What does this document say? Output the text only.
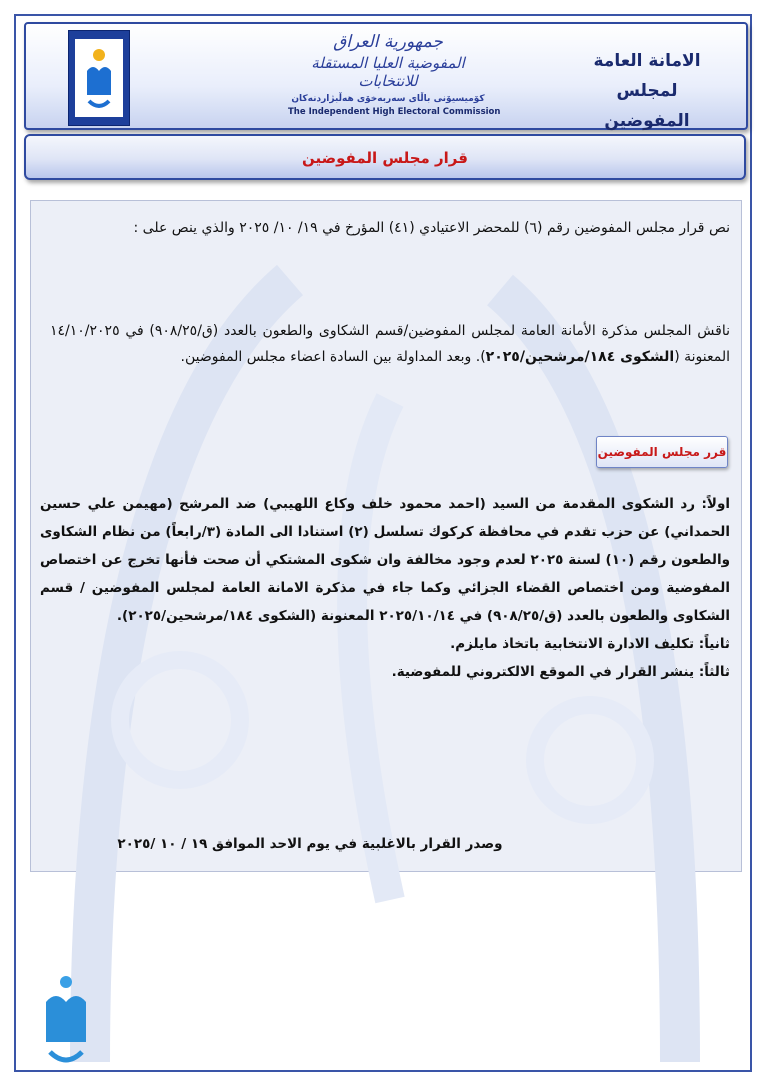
جمهورية العراق
المفوضية العليا المستقلة للانتخابات
كۆمیسیۆنی باڵای سەربەخۆی هەڵبژاردنەکان
The Independent High Electoral Commission
الامانة العامة
لمجلس المفوضين
قرار مجلس المفوضين
نص قرار مجلس المفوضين رقم (٦) للمحضر الاعتيادي (٤١) المؤرخ في ١٩/ ١٠/ ٢٠٢٥ والذي ينص على :
ناقش المجلس مذكرة الأمانة العامة لمجلس المفوضين/قسم الشكاوى والطعون بالعدد (ق/٩٠٨/٢٥) في ١٤/١٠/٢٠٢٥ المعنونة (الشكوى ١٨٤/مرشحين/٢٠٢٥). وبعد المداولة بين السادة اعضاء مجلس المفوضين.
قرر مجلس المفوضين
اولاً: رد الشكوى المقدمة من السيد (احمد محمود خلف وكاع اللهيبي) ضد المرشح (مهيمن علي حسين الحمداني) عن حزب تقدم في محافظة كركوك تسلسل (٢) استنادا الى المادة (٣/رابعاً) من نظام الشكاوى والطعون رقم (١٠) لسنة ٢٠٢٥ لعدم وجود مخالفة وان شكوى المشتكي أن صحت فأنها تخرج عن اختصاص المفوضية ومن اختصاص القضاء الجزائي وكما جاء في مذكرة الامانة العامة لمجلس المفوضين / قسم الشكاوى والطعون بالعدد (ق/٩٠٨/٢٥) في ٢٠٢٥/١٠/١٤ المعنونة (الشكوى ١٨٤/مرشحين/٢٠٢٥).
ثانياً: تكليف الادارة الانتخابية باتخاذ مايلزم.
ثالثاً: ينشر القرار في الموقع الالكتروني للمفوضية.
وصدر القرار بالاغلبية في يوم الاحد الموافق ١٩ / ١٠ /٢٠٢٥
